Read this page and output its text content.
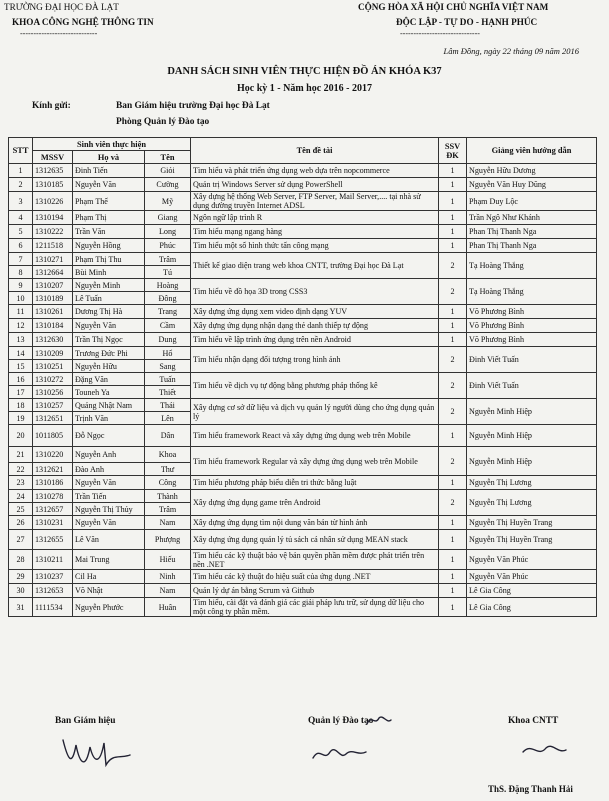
TRƯỜNG ĐẠI HỌC ĐÀ LẠT
KHOA CÔNG NGHỆ THÔNG TIN
-----------------------------
CỘNG HÒA XÃ HỘI CHỦ NGHĨA VIỆT NAM
ĐỘC LẬP - TỰ DO - HẠNH PHÚC
------------------------------
Lâm Đồng, ngày 22 tháng 09 năm 2016
DANH SÁCH SINH VIÊN THỰC HIỆN ĐỒ ÁN KHÓA K37
Học kỳ 1 - Năm học 2016 - 2017
Kính gửi:	Ban Giám hiệu trường Đại học Đà Lạt
Phòng Quản lý Đào tạo
STT	Sinh viên thực hiện			Tên đề tài	SSV ĐK	Giảng viên hướng dẫn
	MSSV	Họ và	Tên			
1	1312635	Đinh Tiến	Giỏi	Tìm hiểu và phát triển ứng dụng web dựa trên nopcommerce	1	Nguyễn Hữu Dương
2	1310185	Nguyễn Văn	Cường	Quản trị Windows Server sử dụng PowerShell	1	Nguyễn Văn Huy Dũng
3	1310226	Phạm Thế	Mỹ	Xây dựng hệ thống Web Server, FTP Server, Mail Server,.... tại nhà sử dụng đường truyền Internet ADSL	1	Phạm Duy Lộc
4	1310194	Phạm Thị	Giang	Ngôn ngữ lập trình R	1	Trần Ngô Như Khánh
5	1310222	Trần Văn	Long	Tìm hiểu mạng ngang hàng	1	Phan Thị Thanh Nga
6	1211518	Nguyễn Hồng	Phúc	Tìm hiểu một số hình thức tấn công mạng	1	Phan Thị Thanh Nga
7	1310271	Phạm Thị Thu	Trâm	Thiết kế giao diện trang web khoa CNTT, trường Đại học Đà Lạt	2	Tạ Hoàng Thắng
8	1312664	Bùi Minh	Tú			
9	1310207	Nguyễn Minh	Hoàng	Tìm hiểu về đồ họa 3D trong CSS3	2	Tạ Hoàng Thắng
10	1310189	Lê Tuấn	Đông			
11	1310261	Dương Thị Hà	Trang	Xây dựng ứng dụng xem video định dạng YUV	1	Võ Phương Bình
12	1310184	Nguyễn Văn	Cầm	Xây dựng ứng dụng nhận dạng thẻ danh thiếp tự động	1	Võ Phương Bình
13	1312630	Trần Thị Ngọc	Dung	Tìm hiểu về lập trình ứng dụng trên nền Android	1	Võ Phương Bình
14	1310209	Trương Đức Phi	Hổ	Tìm hiểu nhận dạng đối tượng trong hình ảnh	2	Đinh Viết Tuấn
15	1310251	Nguyễn Hữu	Sang			
16	1310272	Đặng Văn	Tuấn	Tìm hiểu về dịch vụ tự động bằng phương pháp thống kê	2	Đinh Viết Tuấn
17	1310256	Touneh Ya	Thiết			
18	1310257	Quảng Nhật Nam	Thái	Xây dựng cơ sở dữ liệu và dịch vụ quản lý người dùng cho ứng dụng quản lý	2	Nguyễn Minh Hiệp
19	1312651	Trịnh Văn	Lên			
20	1011805	Đỗ Ngọc	Dân	Tìm hiểu framework React và xây dựng ứng dụng web trên Mobile	1	Nguyễn Minh Hiệp
21	1310220	Nguyễn Anh	Khoa	Tìm hiểu framework Regular và xây dựng ứng dụng web trên Mobile	2	Nguyễn Minh Hiệp
22	1312621	Đào Anh	Thư			
23	1310186	Nguyễn Văn	Công	Tìm hiểu phương pháp biểu diễn tri thức bằng luật	1	Nguyễn Thị Lương
24	1310278	Trần Tiến	Thành	Xây dựng ứng dụng game trên Android	2	Nguyễn Thị Lương
25	1312657	Nguyễn Thị Thủy	Trâm			
26	1310231	Nguyễn Văn	Nam	Xây dựng ứng dụng tìm nội dung văn bản từ hình ảnh	1	Nguyễn Thị Huyền Trang
27	1312655	Lê Văn	Phượng	Xây dựng ứng dụng quản lý tủ sách cá nhân sử dụng MEAN stack	1	Nguyễn Thị Huyền Trang
28	1310211	Mai Trung	Hiếu	Tìm hiểu các kỹ thuật bảo vệ bản quyền phần mềm được phát triển trên nền .NET	1	Nguyễn Văn Phúc
29	1310237	Cil Ha	Ninh	Tìm hiểu các kỹ thuật đo hiệu suất của ứng dụng .NET	1	Nguyễn Văn Phúc
30	1312653	Võ Nhật	Nam	Quản lý dự án bằng Scrum và Github	1	Lê Gia Công
31	1111534	Nguyễn Phước	Huân	Tìm hiểu, cài đặt và đánh giá các giải pháp lưu trữ, sử dụng dữ liệu cho một công ty phần mềm.	1	Lê Gia Công
Ban Giám hiệu	Quản lý Đào tạo	Khoa CNTT
ThS. Đặng Thanh Hải
